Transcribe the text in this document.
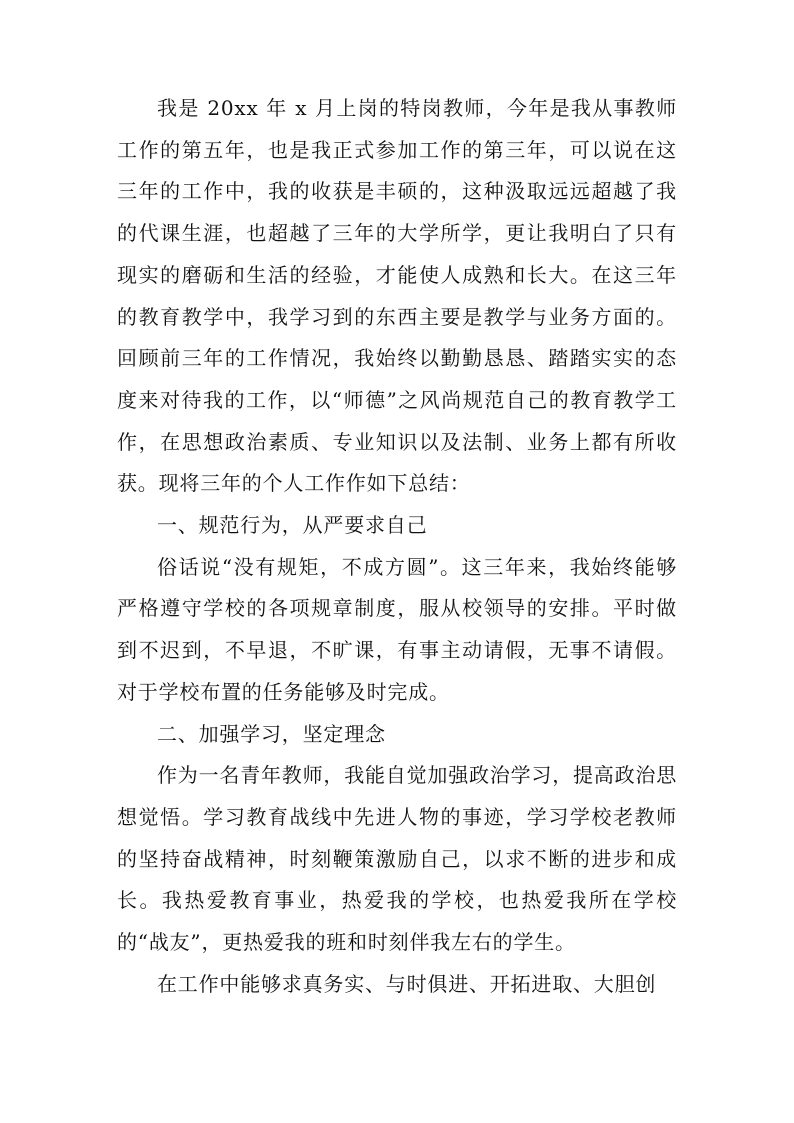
我是 20xx 年 x 月上岗的特岗教师，今年是我从事教师工作的第五年，也是我正式参加工作的第三年，可以说在这三年的工作中，我的收获是丰硕的，这种汲取远远超越了我的代课生涯，也超越了三年的大学所学，更让我明白了只有现实的磨砺和生活的经验，才能使人成熟和长大。在这三年的教育教学中，我学习到的东西主要是教学与业务方面的。回顾前三年的工作情况，我始终以勤勤恳恳、踏踏实实的态度来对待我的工作，以“师德”之风尚规范自己的教育教学工作，在思想政治素质、专业知识以及法制、业务上都有所收获。现将三年的个人工作作如下总结：

一、规范行为，从严要求自己

俗话说“没有规矩，不成方圆”。这三年来，我始终能够严格遵守学校的各项规章制度，服从校领导的安排。平时做到不迟到，不早退，不旷课，有事主动请假，无事不请假。对于学校布置的任务能够及时完成。

二、加强学习，坚定理念

作为一名青年教师，我能自觉加强政治学习，提高政治思想觉悟。学习教育战线中先进人物的事迹，学习学校老教师的坚持奋战精神，时刻鞭策激励自己，以求不断的进步和成长。我热爱教育事业，热爱我的学校，也热爱我所在学校的“战友”，更热爱我的班和时刻伴我左右的学生。

在工作中能够求真务实、与时俱进、开拓进取、大胆创
